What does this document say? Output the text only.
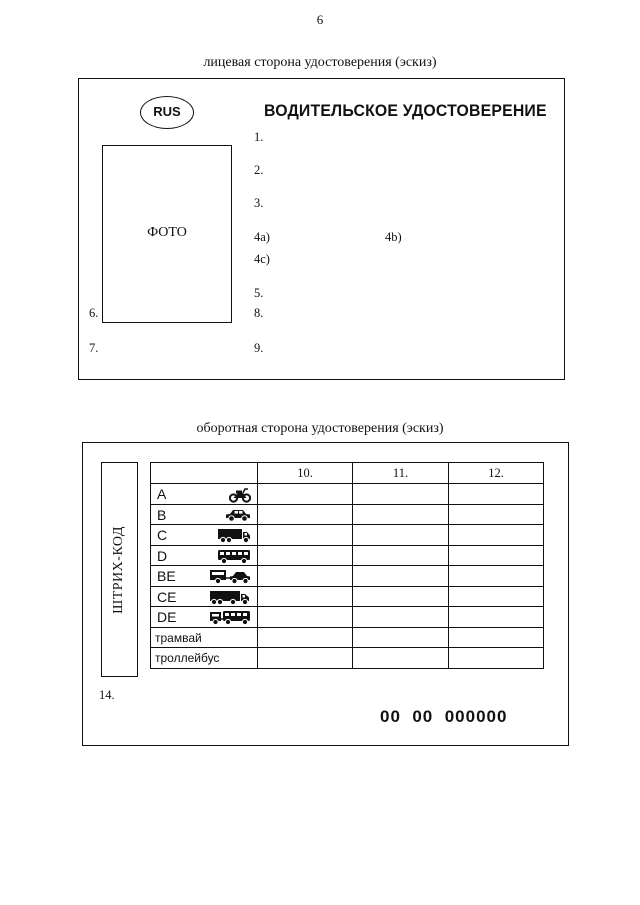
6
лицевая сторона удостоверения (эскиз)
RUS	ВОДИТЕЛЬСКОЕ УДОСТОВЕРЕНИЕ
ФОТО
1.
2.
3.
4a)	4b)
4c)
5.
6.	8.
7.	9.
оборотная сторона удостоверения (эскиз)
ШТРИХ-КОД
	10.	11.	12.

A			

B			

C			

D			

BE			

CE			

DE			

трамвай			

троллейбус			

14.
00  00  000000
